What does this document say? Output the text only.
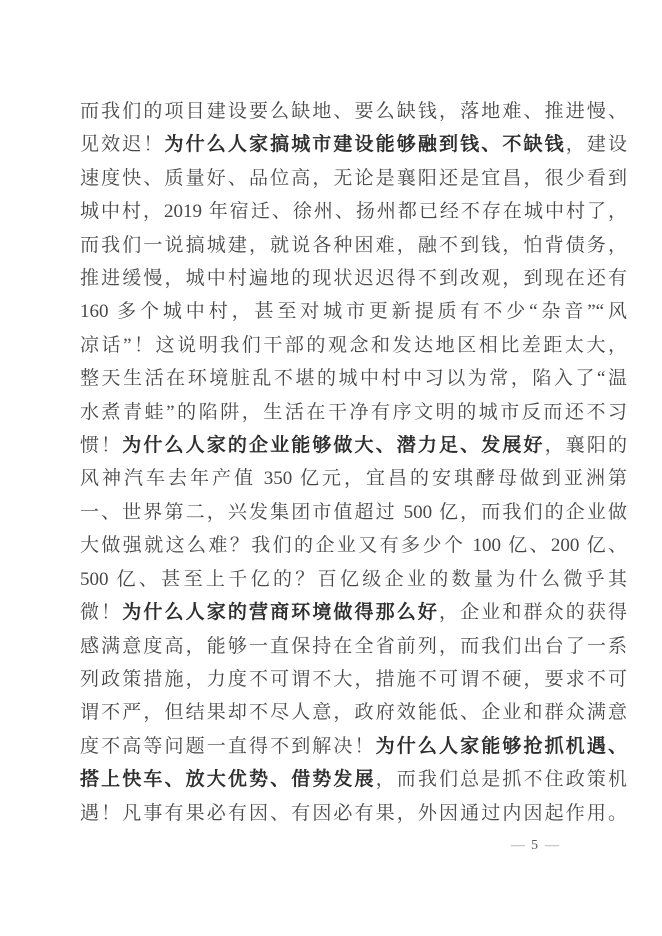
而我们的项目建设要么缺地、要么缺钱，落地难、推进慢、
见效迟！为什么人家搞城市建设能够融到钱、不缺钱，建设
速度快、质量好、品位高，无论是襄阳还是宜昌，很少看到
城中村，2019 年宿迁、徐州、扬州都已经不存在城中村了，
而我们一说搞城建，就说各种困难，融不到钱，怕背债务，
推进缓慢，城中村遍地的现状迟迟得不到改观，到现在还有
160 多个城中村，甚至对城市更新提质有不少“杂音”“风
凉话”！这说明我们干部的观念和发达地区相比差距太大，
整天生活在环境脏乱不堪的城中村中习以为常，陷入了“温
水煮青蛙”的陷阱，生活在干净有序文明的城市反而还不习
惯！为什么人家的企业能够做大、潜力足、发展好，襄阳的
风神汽车去年产值 350 亿元，宜昌的安琪酵母做到亚洲第
一、世界第二，兴发集团市值超过 500 亿，而我们的企业做
大做强就这么难？我们的企业又有多少个 100 亿、200 亿、
500 亿、甚至上千亿的？百亿级企业的数量为什么微乎其
微！为什么人家的营商环境做得那么好，企业和群众的获得
感满意度高，能够一直保持在全省前列，而我们出台了一系
列政策措施，力度不可谓不大，措施不可谓不硬，要求不可
谓不严，但结果却不尽人意，政府效能低、企业和群众满意
度不高等问题一直得不到解决！为什么人家能够抢抓机遇、
搭上快车、放大优势、借势发展，而我们总是抓不住政策机
遇！凡事有果必有因、有因必有果，外因通过内因起作用。
— 5 —
